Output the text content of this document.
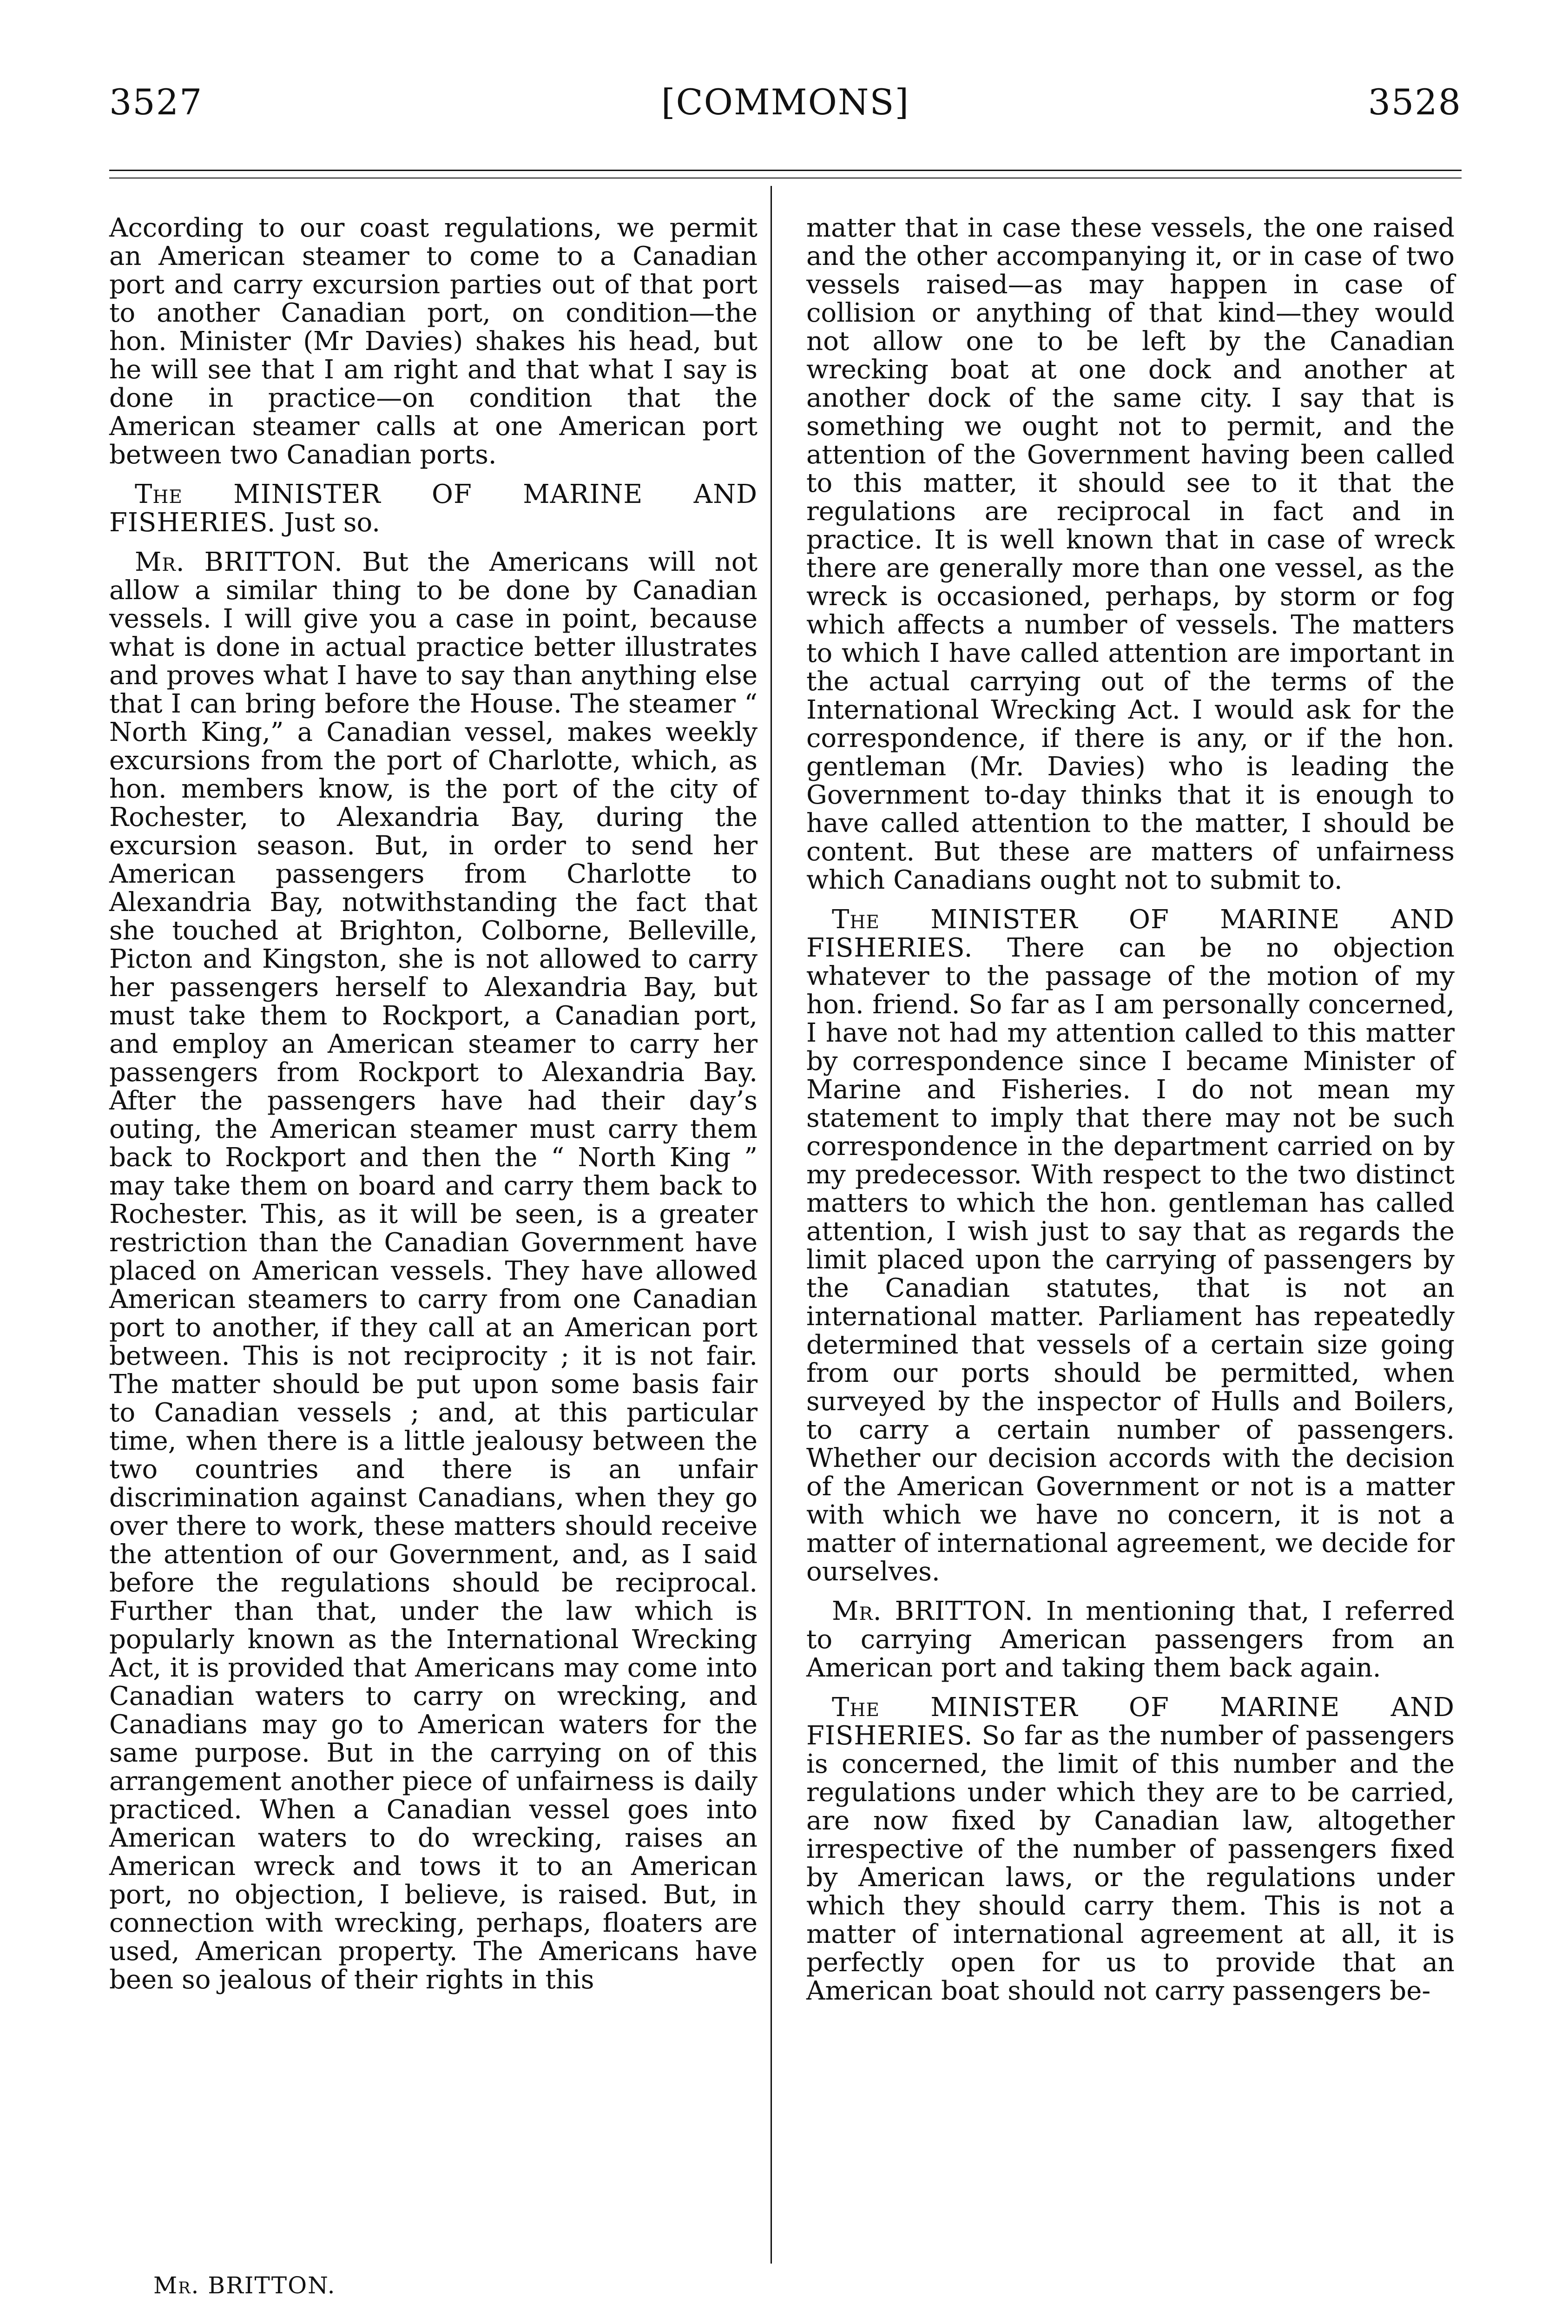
3527	[COMMONS]	3528

According to our coast regulations, we permit an American steamer to come to a Canadian port and carry excursion parties out of that port to another Canadian port, on condition—the hon. Minister (Mr Davies) shakes his head, but he will see that I am right and that what I say is done in practice—on condition that the American steamer calls at one American port between two Canadian ports.

The MINISTER OF MARINE AND FISHERIES. Just so.

Mr. BRITTON. But the Americans will not allow a similar thing to be done by Canadian vessels. I will give you a case in point, because what is done in actual practice better illustrates and proves what I have to say than anything else that I can bring before the House. The steamer “ North King,” a Canadian vessel, makes weekly excursions from the port of Charlotte, which, as hon. members know, is the port of the city of Rochester, to Alexandria Bay, during the excursion season. But, in order to send her American passengers from Charlotte to Alexandria Bay, notwithstanding the fact that she touched at Brighton, Colborne, Belleville, Picton and Kingston, she is not allowed to carry her passengers herself to Alexandria Bay, but must take them to Rockport, a Canadian port, and employ an American steamer to carry her passengers from Rockport to Alexandria Bay. After the passengers have had their day’s outing, the American steamer must carry them back to Rockport and then the “ North King ” may take them on board and carry them back to Rochester. This, as it will be seen, is a greater restriction than the Canadian Government have placed on American vessels. They have allowed American steamers to carry from one Canadian port to another, if they call at an American port between. This is not reciprocity ; it is not fair. The matter should be put upon some basis fair to Canadian vessels ; and, at this particular time, when there is a little jealousy between the two countries and there is an unfair discrimination against Canadians, when they go over there to work, these matters should receive the attention of our Government, and, as I said before the regulations should be reciprocal. Further than that, under the law which is popularly known as the International Wrecking Act, it is provided that Americans may come into Canadian waters to carry on wrecking, and Canadians may go to American waters for the same purpose. But in the carrying on of this arrangement another piece of unfairness is daily practiced. When a Canadian vessel goes into American waters to do wrecking, raises an American wreck and tows it to an American port, no objection, I believe, is raised. But, in connection with wrecking, perhaps, floaters are used, American property. The Americans have been so jealous of their rights in this

Mr. BRITTON.

matter that in case these vessels, the one raised and the other accompanying it, or in case of two vessels raised—as may happen in case of collision or anything of that kind—they would not allow one to be left by the Canadian wrecking boat at one dock and another at another dock of the same city. I say that is something we ought not to permit, and the attention of the Government having been called to this matter, it should see to it that the regulations are reciprocal in fact and in practice. It is well known that in case of wreck there are generally more than one vessel, as the wreck is occasioned, perhaps, by storm or fog which affects a number of vessels. The matters to which I have called attention are important in the actual carrying out of the terms of the International Wrecking Act. I would ask for the correspondence, if there is any, or if the hon. gentleman (Mr. Davies) who is leading the Government to-day thinks that it is enough to have called attention to the matter, I should be content. But these are matters of unfairness which Canadians ought not to submit to.

The MINISTER OF MARINE AND FISHERIES. There can be no objection whatever to the passage of the motion of my hon. friend. So far as I am personally concerned, I have not had my attention called to this matter by correspondence since I became Minister of Marine and Fisheries. I do not mean my statement to imply that there may not be such correspondence in the department carried on by my predecessor. With respect to the two distinct matters to which the hon. gentleman has called attention, I wish just to say that as regards the limit placed upon the carrying of passengers by the Canadian statutes, that is not an international matter. Parliament has repeatedly determined that vessels of a certain size going from our ports should be permitted, when surveyed by the inspector of Hulls and Boilers, to carry a certain number of passengers. Whether our decision accords with the decision of the American Government or not is a matter with which we have no concern, it is not a matter of international agreement, we decide for ourselves.

Mr. BRITTON. In mentioning that, I referred to carrying American passengers from an American port and taking them back again.

The MINISTER OF MARINE AND FISHERIES. So far as the number of passengers is concerned, the limit of this number and the regulations under which they are to be carried, are now fixed by Canadian law, altogether irrespective of the number of passengers fixed by American laws, or the regulations under which they should carry them. This is not a matter of international agreement at all, it is perfectly open for us to provide that an American boat should not carry passengers be-
